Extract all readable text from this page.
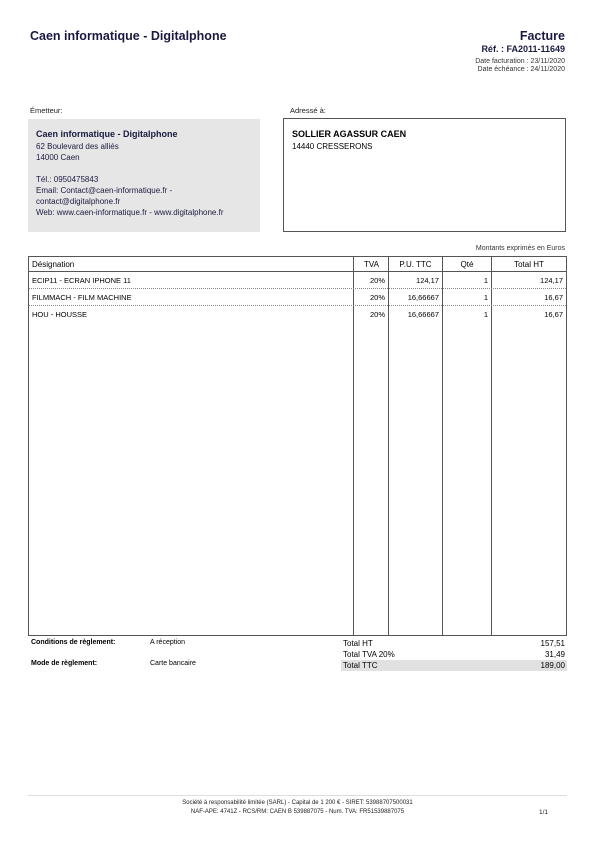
Caen informatique - Digitalphone	Facture
Réf. : FA2011-11649
Date facturation : 23/11/2020
Date échéance : 24/11/2020
Émetteur:
Caen informatique - Digitalphone
62 Boulevard des alliés
14000 Caen
Tél.: 0950475843
Email: Contact@caen-informatique.fr -
contact@digitalphone.fr
Web: www.caen-informatique.fr - www.digitalphone.fr
Adressé à:
SOLLIER AGASSUR CAEN
14440 CRESSERONS
Montants exprimés en Euros
Désignation	TVA	P.U. TTC	Qté	Total HT
ECIP11 - ECRAN IPHONE 11	20%	124,17	1	124,17
FILMMACH - FILM MACHINE	20%	16,66667	1	16,67
HOU - HOUSSE	20%	16,66667	1	16,67
Conditions de règlement:	A réception
Mode de règlement:	Carte bancaire
Total HT	157,51
Total TVA 20%	31,49
Total TTC	189,00
Société à responsabilité limitée (SARL) - Capital de 1 200 € - SIRET: 53988707500031
NAF-APE: 4741Z - RCS/RM: CAEN B 539887075 - Num. TVA: FR51539887075	1/1
